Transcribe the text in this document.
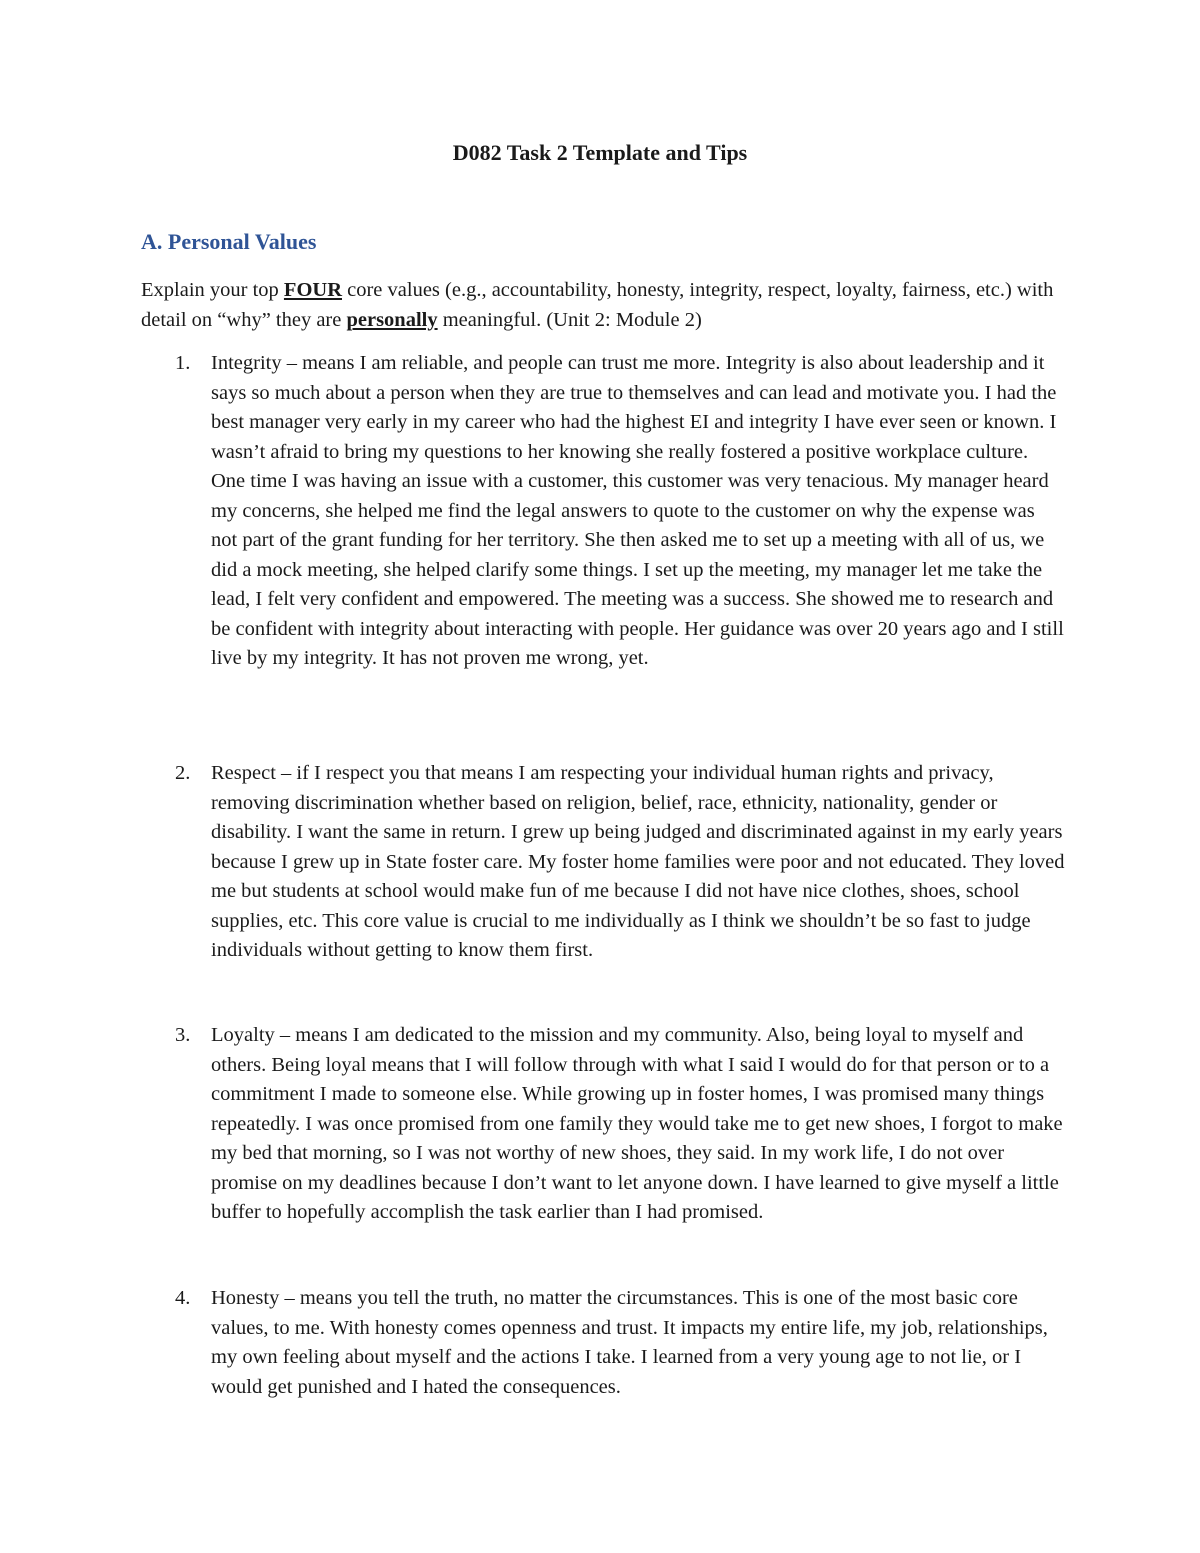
D082 Task 2 Template and Tips
A. Personal Values

Explain your top FOUR core values (e.g., accountability, honesty, integrity, respect, loyalty, fairness, etc.) with detail on “why” they are personally meaningful. (Unit 2: Module 2)

1. Integrity – means I am reliable, and people can trust me more. Integrity is also about leadership and it says so much about a person when they are true to themselves and can lead and motivate you. I had the best manager very early in my career who had the highest EI and integrity I have ever seen or known. I wasn’t afraid to bring my questions to her knowing she really fostered a positive workplace culture. One time I was having an issue with a customer, this customer was very tenacious. My manager heard my concerns, she helped me find the legal answers to quote to the customer on why the expense was not part of the grant funding for her territory. She then asked me to set up a meeting with all of us, we did a mock meeting, she helped clarify some things. I set up the meeting, my manager let me take the lead, I felt very confident and empowered. The meeting was a success. She showed me to research and be confident with integrity about interacting with people. Her guidance was over 20 years ago and I still live by my integrity. It has not proven me wrong, yet.
2. Respect – if I respect you that means I am respecting your individual human rights and privacy, removing discrimination whether based on religion, belief, race, ethnicity, nationality, gender or disability. I want the same in return. I grew up being judged and discriminated against in my early years because I grew up in State foster care. My foster home families were poor and not educated. They loved me but students at school would make fun of me because I did not have nice clothes, shoes, school supplies, etc. This core value is crucial to me individually as I think we shouldn’t be so fast to judge individuals without getting to know them first.
3. Loyalty – means I am dedicated to the mission and my community. Also, being loyal to myself and others. Being loyal means that I will follow through with what I said I would do for that person or to a commitment I made to someone else. While growing up in foster homes, I was promised many things repeatedly. I was once promised from one family they would take me to get new shoes, I forgot to make my bed that morning, so I was not worthy of new shoes, they said. In my work life, I do not over promise on my deadlines because I don’t want to let anyone down. I have learned to give myself a little buffer to hopefully accomplish the task earlier than I had promised.
4. Honesty – means you tell the truth, no matter the circumstances. This is one of the most basic core values, to me. With honesty comes openness and trust. It impacts my entire life, my job, relationships, my own feeling about myself and the actions I take. I learned from a very young age to not lie, or I would get punished and I hated the consequences.
